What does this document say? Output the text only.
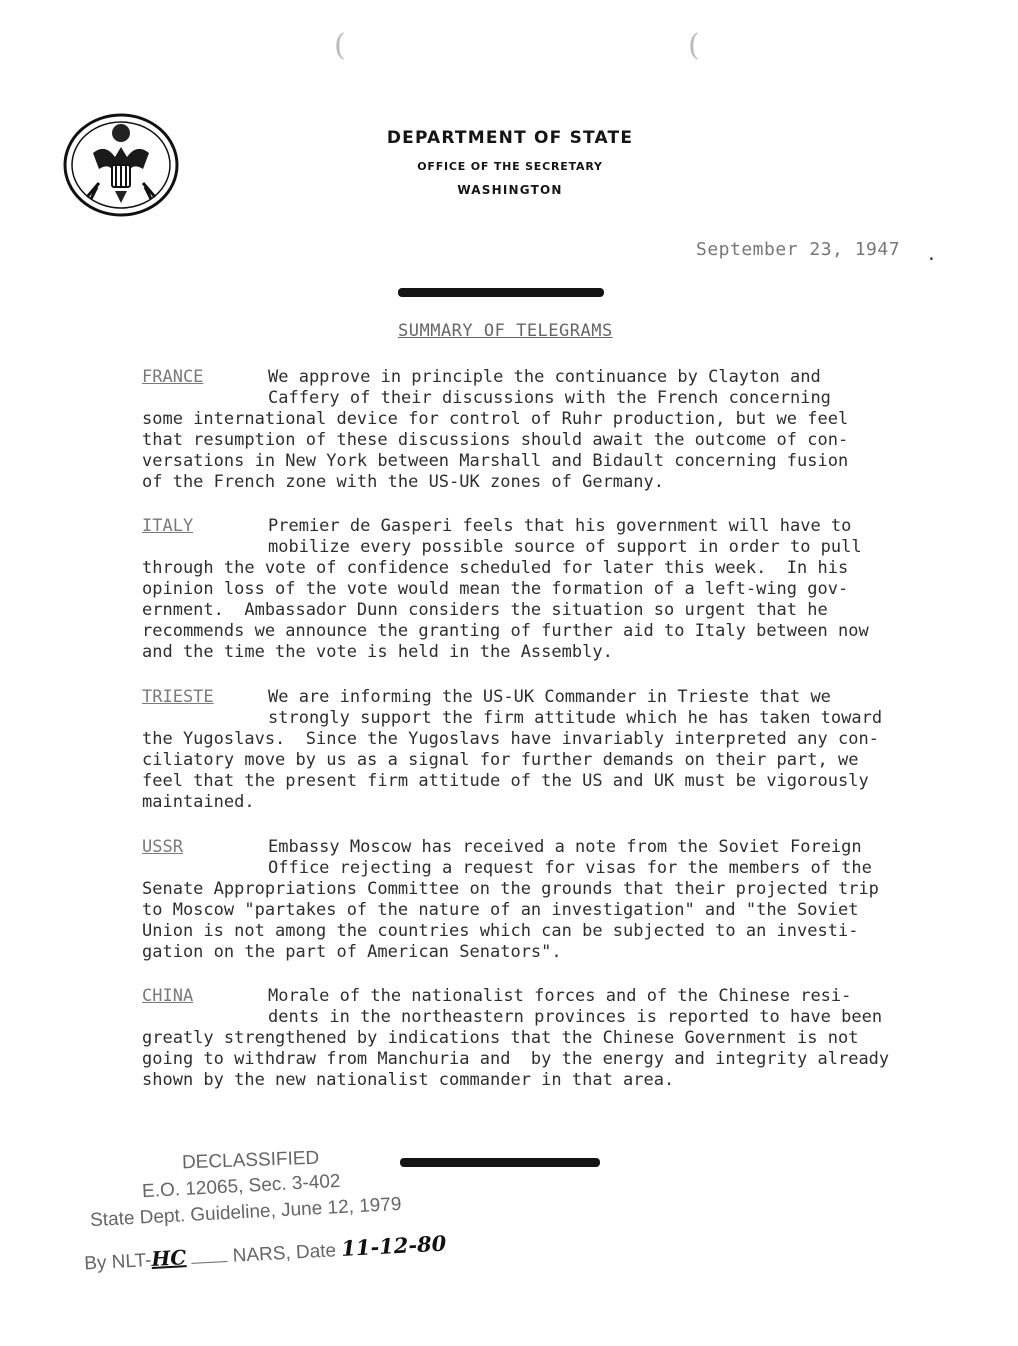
(	(
DEPARTMENT OF STATE
OFFICE OF THE SECRETARY
WASHINGTON
September 23, 1947 .
SUMMARY OF TELEGRAMS
FRANCE	We approve in principle the continuance by Clayton and
Caffery of their discussions with the French concerning
some international device for control of Ruhr production, but we feel
that resumption of these discussions should await the outcome of con-
versations in New York between Marshall and Bidault concerning fusion
of the French zone with the US-UK zones of Germany.
ITALY	Premier de Gasperi feels that his government will have to
mobilize every possible source of support in order to pull
through the vote of confidence scheduled for later this week.  In his
opinion loss of the vote would mean the formation of a left-wing gov-
ernment.  Ambassador Dunn considers the situation so urgent that he
recommends we announce the granting of further aid to Italy between now
and the time the vote is held in the Assembly.
TRIESTE	We are informing the US-UK Commander in Trieste that we
strongly support the firm attitude which he has taken toward
the Yugoslavs.  Since the Yugoslavs have invariably interpreted any con-
ciliatory move by us as a signal for further demands on their part, we
feel that the present firm attitude of the US and UK must be vigorously
maintained.
USSR	Embassy Moscow has received a note from the Soviet Foreign
Office rejecting a request for visas for the members of the
Senate Appropriations Committee on the grounds that their projected trip
to Moscow "partakes of the nature of an investigation" and "the Soviet
Union is not among the countries which can be subjected to an investi-
gation on the part of American Senators".
CHINA	Morale of the nationalist forces and of the Chinese resi-
dents in the northeastern provinces is reported to have been
greatly strengthened by indications that the Chinese Government is not
going to withdraw from Manchuria and  by the energy and integrity already
shown by the new nationalist commander in that area.
DECLASSIFIED
E.O. 12065, Sec. 3-402
State Dept. Guideline, June 12, 1979
By NLT-HC NARS, Date 11-12-80
